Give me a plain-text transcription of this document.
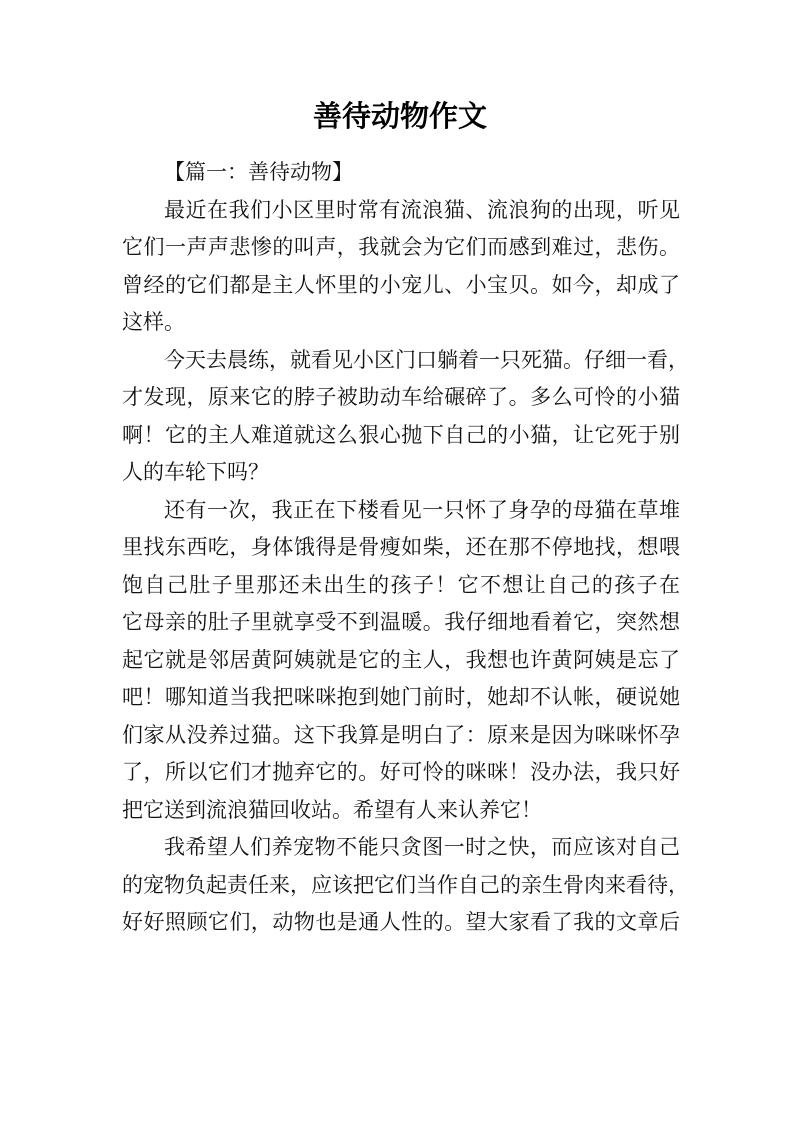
善待动物作文
【篇一：善待动物】
最近在我们小区里时常有流浪猫、流浪狗的出现，听见
它们一声声悲惨的叫声，我就会为它们而感到难过，悲伤。
曾经的它们都是主人怀里的小宠儿、小宝贝。如今，却成了
这样。
今天去晨练，就看见小区门口躺着一只死猫。仔细一看，
才发现，原来它的脖子被助动车给碾碎了。多么可怜的小猫
啊！它的主人难道就这么狠心抛下自己的小猫，让它死于别
人的车轮下吗？
还有一次，我正在下楼看见一只怀了身孕的母猫在草堆
里找东西吃，身体饿得是骨瘦如柴，还在那不停地找，想喂
饱自己肚子里那还未出生的孩子！它不想让自己的孩子在
它母亲的肚子里就享受不到温暖。我仔细地看着它，突然想
起它就是邻居黄阿姨就是它的主人，我想也许黄阿姨是忘了
吧！哪知道当我把咪咪抱到她门前时，她却不认帐，硬说她
们家从没养过猫。这下我算是明白了：原来是因为咪咪怀孕
了，所以它们才抛弃它的。好可怜的咪咪！没办法，我只好
把它送到流浪猫回收站。希望有人来认养它！
我希望人们养宠物不能只贪图一时之快，而应该对自己
的宠物负起责任来，应该把它们当作自己的亲生骨肉来看待，
好好照顾它们，动物也是通人性的。望大家看了我的文章后
